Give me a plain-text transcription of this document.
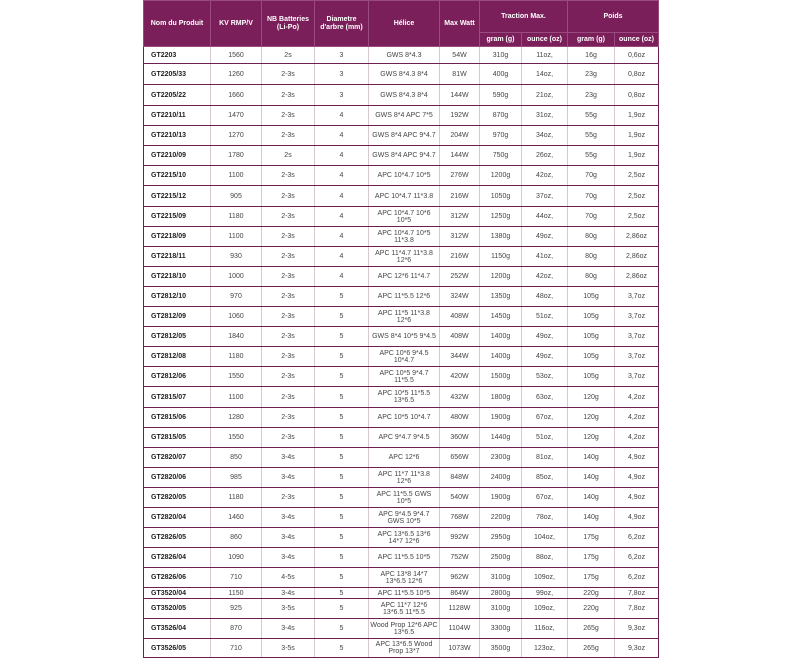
Nom du Produit	KV RMP/V	NB Batteries (Li-Po)	Diametre d'arbre (mm)	Hélice	Max Watt	Traction Max.		Poids	
						gram (g)	ounce (oz)	gram (g)	ounce (oz)
GT2203	1560	2s	3	GWS 8*4.3	54W	310g	11oz,	16g	0,6oz
GT2205/33	1260	2-3s	3	GWS 8*4.3 8*4	81W	400g	14oz,	23g	0,8oz
GT2205/22	1660	2-3s	3	GWS 8*4.3 8*4	144W	590g	21oz,	23g	0,8oz
GT2210/11	1470	2-3s	4	GWS 8*4 APC 7*5	192W	870g	31oz,	55g	1,9oz
GT2210/13	1270	2-3s	4	GWS 8*4 APC 9*4.7	204W	970g	34oz,	55g	1,9oz
GT2210/09	1780	2s	4	GWS 8*4 APC 9*4.7	144W	750g	26oz,	55g	1,9oz
GT2215/10	1100	2-3s	4	APC 10*4.7 10*5	276W	1200g	42oz,	70g	2,5oz
GT2215/12	905	2-3s	4	APC 10*4.7 11*3.8	216W	1050g	37oz,	70g	2,5oz
GT2215/09	1180	2-3s	4	APC 10*4.7 10*6 10*5	312W	1250g	44oz,	70g	2,5oz
GT2218/09	1100	2-3s	4	APC 10*4.7 10*5 11*3.8	312W	1380g	49oz,	80g	2,86oz
GT2218/11	930	2-3s	4	APC 11*4.7 11*3.8 12*6	216W	1150g	41oz,	80g	2,86oz
GT2218/10	1000	2-3s	4	APC 12*6 11*4.7	252W	1200g	42oz,	80g	2,86oz
GT2812/10	970	2-3s	5	APC 11*5.5 12*6	324W	1350g	48oz,	105g	3,7oz
GT2812/09	1060	2-3s	5	APC 11*5 11*3.8 12*6	408W	1450g	51oz,	105g	3,7oz
GT2812/05	1840	2-3s	5	GWS 8*4 10*5 9*4.5	408W	1400g	49oz,	105g	3,7oz
GT2812/08	1180	2-3s	5	APC 10*6 9*4.5 10*4.7	344W	1400g	49oz,	105g	3,7oz
GT2812/06	1550	2-3s	5	APC 10*5 9*4.7 11*5.5	420W	1500g	53oz,	105g	3,7oz
GT2815/07	1100	2-3s	5	APC 10*5 11*5.5 13*6.5	432W	1800g	63oz,	120g	4,2oz
GT2815/06	1280	2-3s	5	APC 10*5 10*4.7	480W	1900g	67oz,	120g	4,2oz
GT2815/05	1550	2-3s	5	APC 9*4.7 9*4.5	360W	1440g	51oz,	120g	4,2oz
GT2820/07	850	3-4s	5	APC 12*6	656W	2300g	81oz,	140g	4,9oz
GT2820/06	985	3-4s	5	APC 11*7 11*3.8 12*6	848W	2400g	85oz,	140g	4,9oz
GT2820/05	1180	2-3s	5	APC 11*5.5 GWS 10*5	540W	1900g	67oz,	140g	4,9oz
GT2820/04	1460	3-4s	5	APC 9*4.5 9*4.7 GWS 10*5	768W	2200g	78oz,	140g	4,9oz
GT2826/05	860	3-4s	5	APC 13*6.5 13*6 14*7 12*6	992W	2950g	104oz,	175g	6,2oz
GT2826/04	1090	3-4s	5	APC 11*5.5 10*5	752W	2500g	88oz,	175g	6,2oz
GT2826/06	710	4-5s	5	APC 13*8 14*7 13*6.5 12*6	962W	3100g	109oz,	175g	6,2oz
GT3520/04	1150	3-4s	5	APC 11*5.5 10*5	864W	2800g	99oz,	220g	7,8oz
GT3520/05	925	3-5s	5	APC 11*7 12*6 13*6.5 11*5.5	1128W	3100g	109oz,	220g	7,8oz
GT3526/04	870	3-4s	5	Wood Prop 12*6 APC 13*6.5	1104W	3300g	116oz,	265g	9,3oz
GT3526/05	710	3-5s	5	APC 13*6.5 Wood Prop 13*7	1073W	3500g	123oz,	265g	9,3oz
